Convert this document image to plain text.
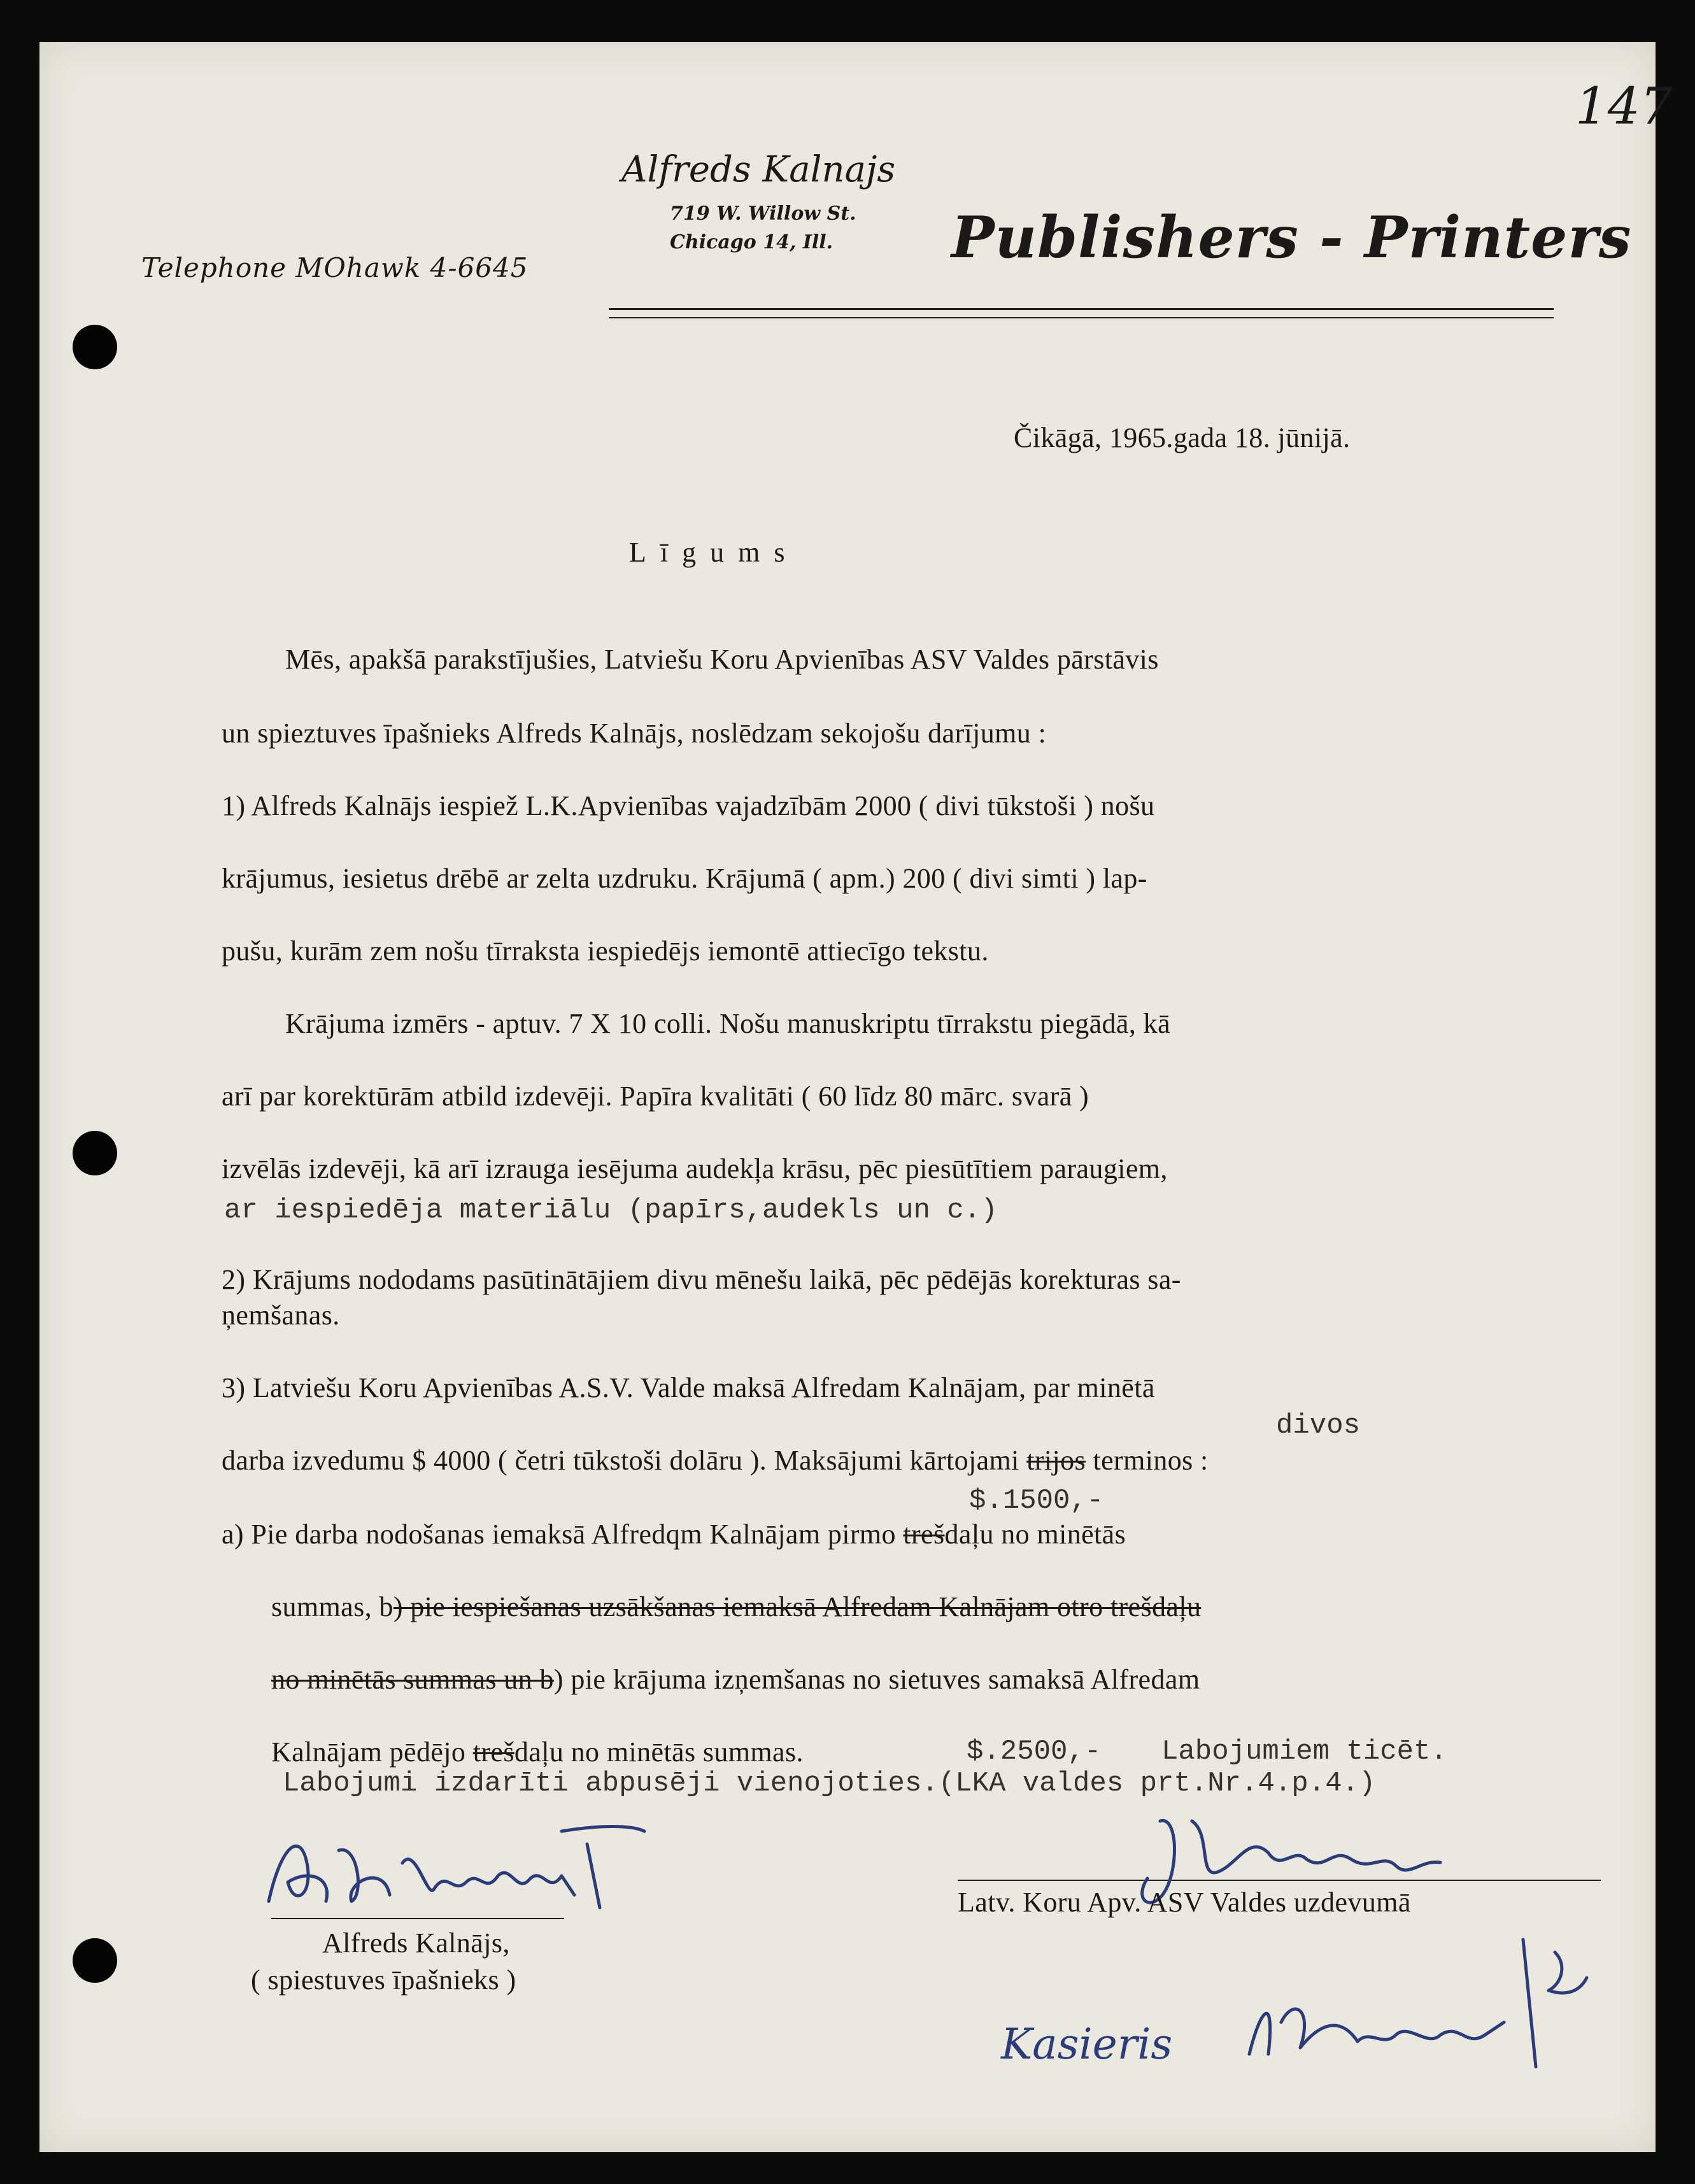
147
Alfreds Kalnajs
719 W. Willow St.
Chicago 14, Ill.
Telephone MOhawk 4-6645	Publishers - Printers
Čikāgā, 1965.gada 18. jūnijā.
Līgums
Mēs, apakšā parakstījušies, Latviešu Koru Apvienības ASV Valdes pārstāvis
un spieztuves īpašnieks Alfreds Kalnājs, noslēdzam sekojošu darījumu :
1) Alfreds Kalnājs iespiež L.K.Apvienības vajadzībām 2000 ( divi tūkstoši ) nošu
krājumus, iesietus drēbē ar zelta uzdruku. Krājumā ( apm.) 200 ( divi simti ) lap-
pušu, kurām zem nošu tīrraksta iespiedējs iemontē attiecīgo tekstu.
Krājuma izmērs - aptuv. 7 X 10 colli. Nošu manuskriptu tīrrakstu piegādā, kā
arī par korektūrām atbild izdevēji. Papīra kvalitāti ( 60 līdz 80 mārc. svarā )
izvēlās izdevēji, kā arī izrauga iesējuma audekļa krāsu, pēc piesūtītiem paraugiem,
ar iespiedēja materiālu (papīrs,audekls un c.)
2) Krājums nododams pasūtinātājiem divu mēnešu laikā, pēc pēdējās korekturas sa-
ņemšanas.
3) Latviešu Koru Apvienības A.S.V. Valde maksā Alfredam Kalnājam, par minētā
divos
darba izvedumu $ 4000 ( četri tūkstoši dolāru ). Maksājumi kārtojami trijos terminos :
$.1500,-
a) Pie darba nodošanas iemaksā Alfredqm Kalnājam pirmo trešdaļu no minētās
summas, b) pie iespiešanas uzsākšanas iemaksā Alfredam Kalnājam otro trešdaļu
no minētās summas un b) pie krājuma izņemšanas no sietuves samaksā Alfredam
Kalnājam pēdējo trešdaļu no minētās summas.	$.2500,- Labojumiem ticēt.
Labojumi izdarīti abpusēji vienojoties.(LKA valdes prt.Nr.4.p.4.)
Alfreds Kalnājs,
( spiestuves īpašnieks )
Latv. Koru Apv. ASV Valdes uzdevumā
Kasieris
